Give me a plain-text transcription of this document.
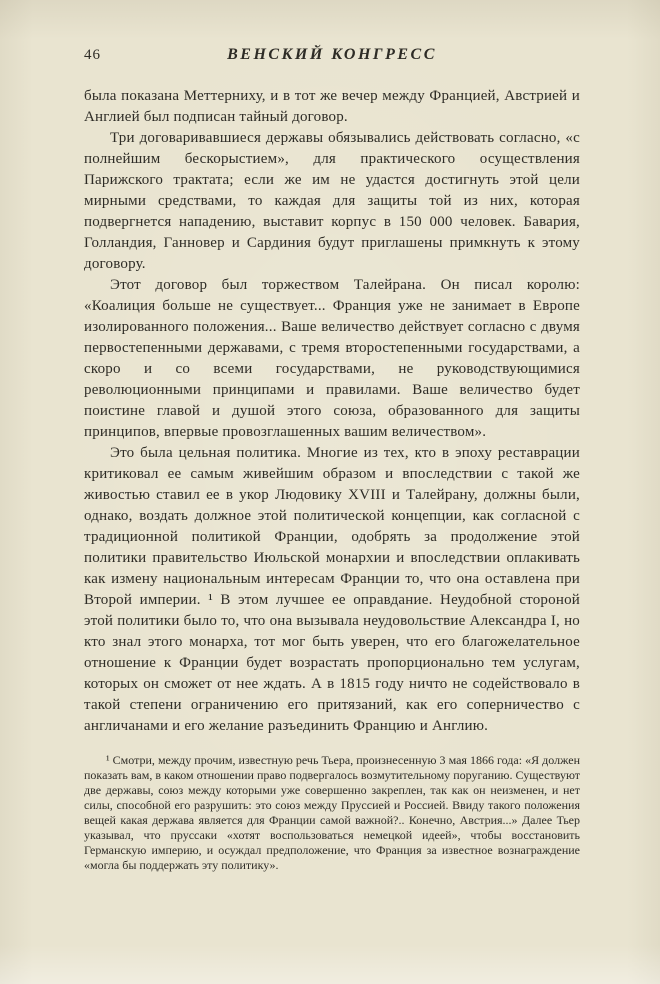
46	ВЕНСКИЙ КОНГРЕСС

была показана Меттерниху, и в тот же вечер между Францией, Австрией и Англией был подписан тайный договор.

Три договаривавшиеся державы обязывались действовать согласно, «с полнейшим бескорыстием», для практического осуществления Парижского трактата; если же им не удастся достигнуть этой цели мирными средствами, то каждая для защиты той из них, которая подвергнется нападению, выставит корпус в 150 000 человек. Бавария, Голландия, Ганновер и Сардиния будут приглашены примкнуть к этому договору.

Этот договор был торжеством Талейрана. Он писал королю: «Коалиция больше не существует... Франция уже не занимает в Европе изолированного положения... Ваше величество действует согласно с двумя первостепенными державами, с тремя второстепенными государствами, а скоро и со всеми государствами, не руководствующимися революционными принципами и правилами. Ваше величество будет поистине главой и душой этого союза, образованного для защиты принципов, впервые провозглашенных вашим величеством».

Это была цельная политика. Многие из тех, кто в эпоху реставрации критиковал ее самым живейшим образом и впоследствии с такой же живостью ставил ее в укор Людовику XVIII и Талейрану, должны были, однако, воздать должное этой политической концепции, как согласной с традиционной политикой Франции, одобрять за продолжение этой политики правительство Июльской монархии и впоследствии оплакивать как измену национальным интересам Франции то, что она оставлена при Второй империи. ¹ В этом лучшее ее оправдание. Неудобной стороной этой политики было то, что она вызывала неудовольствие Александра I, но кто знал этого монарха, тот мог быть уверен, что его благожелательное отношение к Франции будет возрастать пропорционально тем услугам, которых он сможет от нее ждать. А в 1815 году ничто не содействовало в такой степени ограничению его притязаний, как его соперничество с англичанами и его желание разъединить Францию и Англию.

¹ Смотри, между прочим, известную речь Тьера, произнесенную 3 мая 1866 года: «Я должен показать вам, в каком отношении право подвергалось возмутительному поруганию. Существуют две державы, союз между которыми уже совершенно закреплен, так как он неизменен, и нет силы, способной его разрушить: это союз между Пруссией и Россией. Ввиду такого положения вещей какая держава является для Франции самой важной?.. Конечно, Австрия...» Далее Тьер указывал, что пруссаки «хотят воспользоваться немецкой идеей», чтобы восстановить Германскую империю, и осуждал предположение, что Франция за известное вознаграждение «могла бы поддержать эту политику».
